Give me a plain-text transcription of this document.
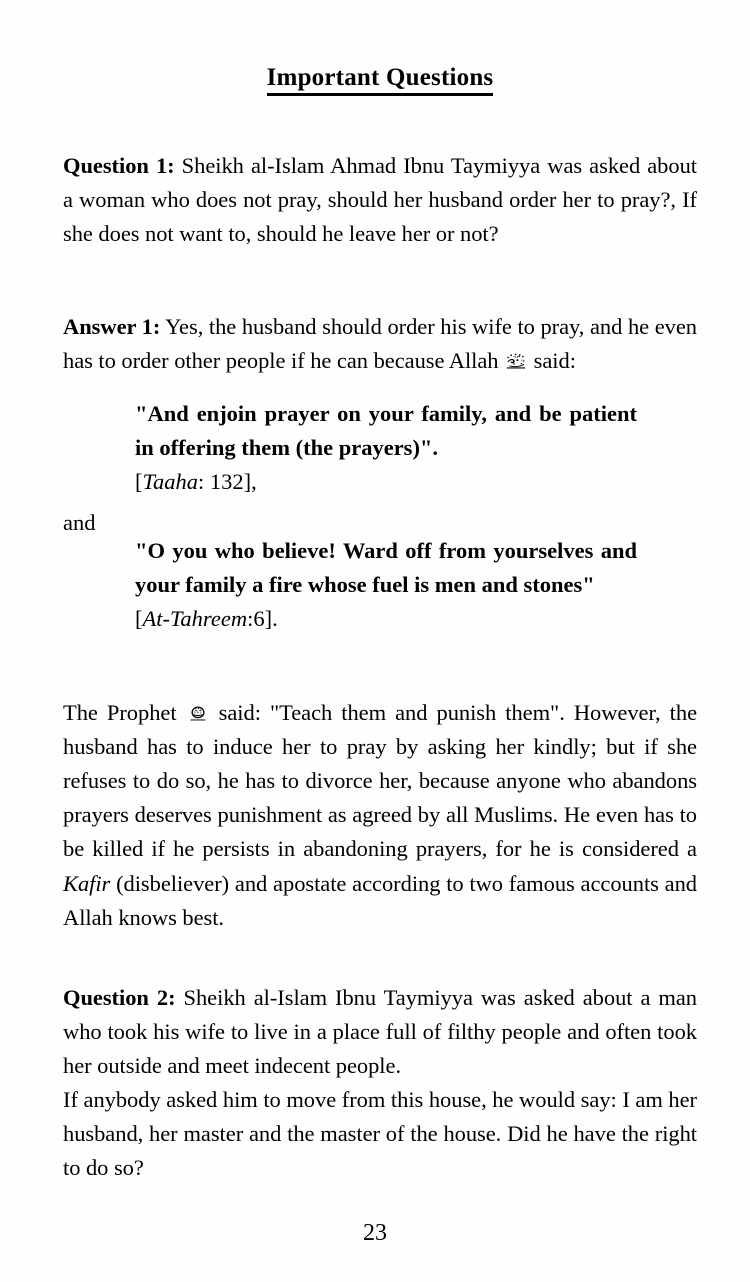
Important Questions

Question 1: Sheikh al-Islam Ahmad Ibnu Taymiyya was asked about a woman who does not pray, should her husband order her to pray?, If she does not want to, should he leave her or not?

Answer 1: Yes, the husband should order his wife to pray, and he even has to order other people if he can because Allah
said:

"And enjoin prayer on your family, and be patient in offering them (the prayers)".
[Taaha: 132],
and
"O you who believe! Ward off from yourselves and your family a fire whose fuel is men and stones"
[At-Tahreem:6].

The Prophet
said: "Teach them and punish them". However, the husband has to induce her to pray by asking her kindly; but if she refuses to do so, he has to divorce her, because anyone who abandons prayers deserves punishment as agreed by all Muslims. He even has to be killed if he persists in abandoning prayers, for he is considered a Kafir (disbeliever) and apostate according to two famous accounts and Allah knows best.

Question 2: Sheikh al-Islam Ibnu Taymiyya was asked about a man who took his wife to live in a place full of filthy people and often took her outside and meet indecent people.

If anybody asked him to move from this house, he would say: I am her husband, her master and the master of the house. Did he have the right to do so?

23
